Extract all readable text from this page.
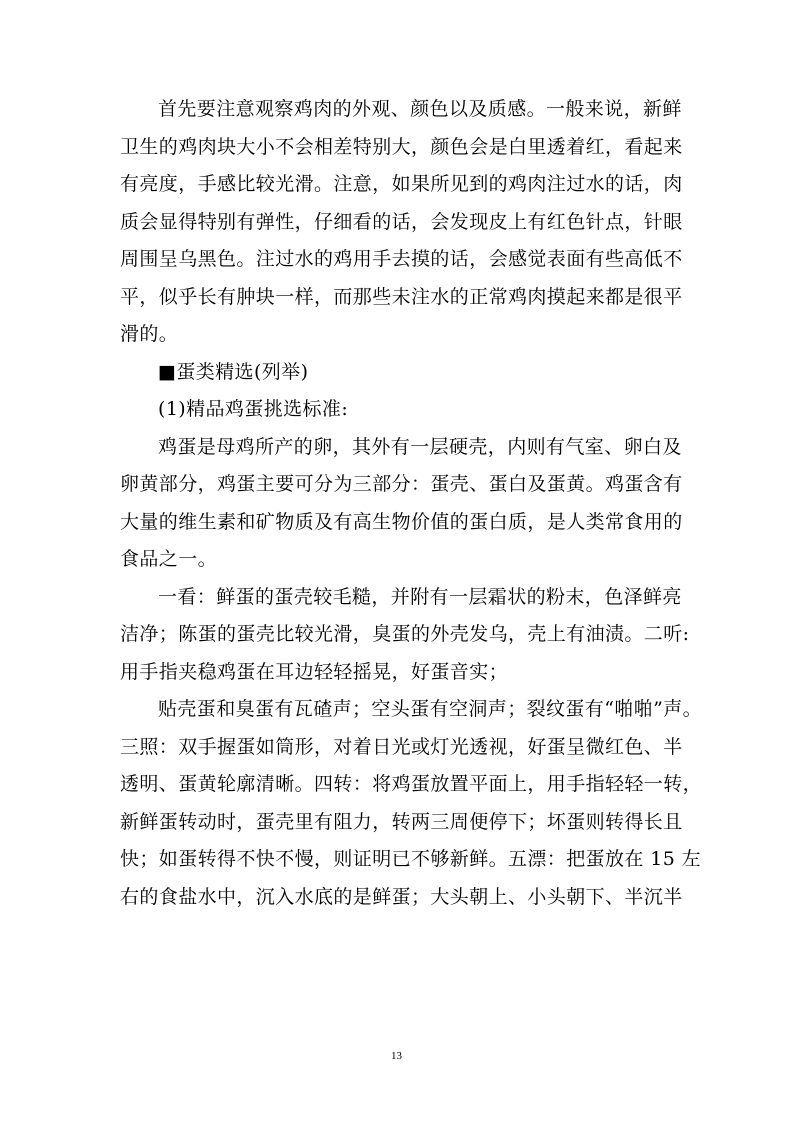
首先要注意观察鸡肉的外观、颜色以及质感。一般来说，新鲜
卫生的鸡肉块大小不会相差特别大，颜色会是白里透着红，看起来
有亮度，手感比较光滑。注意，如果所见到的鸡肉注过水的话，肉
质会显得特别有弹性，仔细看的话，会发现皮上有红色针点，针眼
周围呈乌黑色。注过水的鸡用手去摸的话，会感觉表面有些高低不
平，似乎长有肿块一样，而那些未注水的正常鸡肉摸起来都是很平
滑的。
■蛋类精选(列举)
(1)精品鸡蛋挑选标准:
鸡蛋是母鸡所产的卵，其外有一层硬壳，内则有气室、卵白及
卵黄部分，鸡蛋主要可分为三部分：蛋壳、蛋白及蛋黄。鸡蛋含有
大量的维生素和矿物质及有高生物价值的蛋白质，是人类常食用的
食品之一。
一看：鲜蛋的蛋壳较毛糙，并附有一层霜状的粉末，色泽鲜亮
洁净；陈蛋的蛋壳比较光滑，臭蛋的外壳发乌，壳上有油渍。二听:
用手指夹稳鸡蛋在耳边轻轻摇晃，好蛋音实；
贴壳蛋和臭蛋有瓦碴声；空头蛋有空洞声；裂纹蛋有“啪啪”声。
三照：双手握蛋如筒形，对着日光或灯光透视，好蛋呈微红色、半
透明、蛋黄轮廓清晰。四转：将鸡蛋放置平面上，用手指轻轻一转，
新鲜蛋转动时，蛋壳里有阻力，转两三周便停下；坏蛋则转得长且
快；如蛋转得不快不慢，则证明已不够新鲜。五漂：把蛋放在 15 左
右的食盐水中，沉入水底的是鲜蛋；大头朝上、小头朝下、半沉半
13
